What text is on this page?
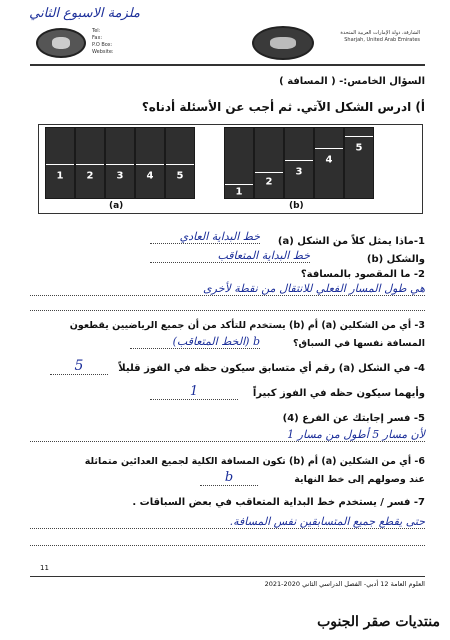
ملزمة الاسبوع الثاني
Tel:
Fax:
P.O Box:
Website:
الشارقة، دولة الإمارات العربية المتحدة
Sharjah, United Arab Emirates
السؤال الخامس:- ( المسافة )
أ) ادرس الشكل الآتي. ثم أجب عن الأسئلة أدناه؟
1	2	3	4	5
(a)
1
2
3
4
5
(b)
1-ماذا يمثل كلاً من الشكل (a)
خط البداية العادي
والشكل (b)
خط البداية المتعاقب
2- ما المقصود بالمسافة؟
هي طول المسار الفعلي للانتقال من نقطة لأخرى
3- أي من الشكلين (a) أم (b) يستخدم للتأكد من أن جميع الرياضيين يقطعون
المسافة نفسها في السباق؟
b (الخط المتعاقب)
4- في الشكل (a) رقم أي متسابق سيكون حظه في الفوز قليلاً
5
وأيهما سيكون حظه في الفوز كبيراً
1
5- فسر إجابتك عن الفرع (4)
لأن مسار 5 أطول من مسار 1
6- أي من الشكلين (a) أم (b) تكون المسافة الكلية لجميع العدائين متماثلة
عند وصولهم إلى خط النهاية
b
7- فسر / يستخدم خط البداية المتعاقب في بعض السباقات .
حتى يقطع جميع المتسابقين نفس المسافة.
11
العلوم العامة 12 أدبي- الفصل الدراسي الثاني 2020-2021
منتديات صقر الجنوب
